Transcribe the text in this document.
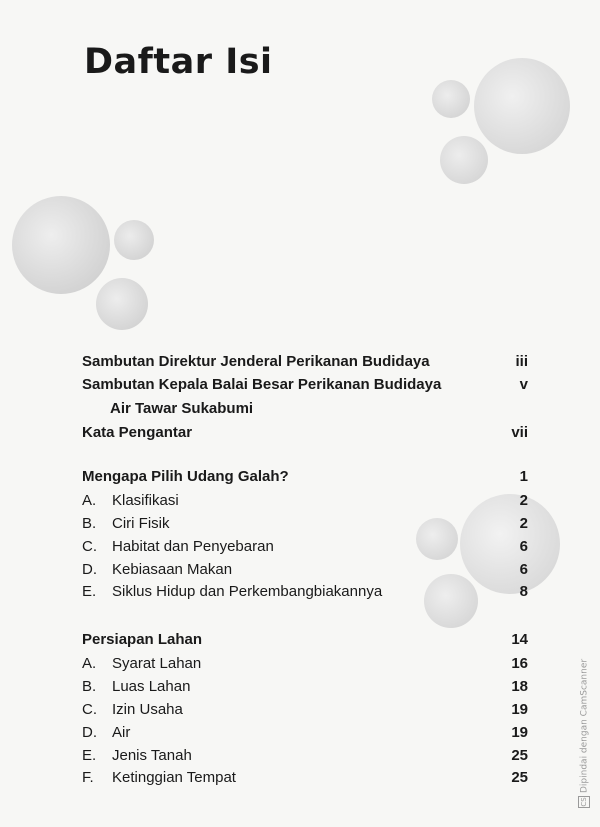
Daftar Isi
Sambutan Direktur Jenderal Perikanan Budidaya	iii
Sambutan Kepala Balai Besar Perikanan Budidaya	v
Air Tawar Sukabumi
Kata Pengantar	vii
Mengapa Pilih Udang Galah?	1
A. Klasifikasi	2
B. Ciri Fisik	2
C. Habitat dan Penyebaran	6
D. Kebiasaan Makan	6
E. Siklus Hidup dan Perkembangbiakannya	8
Persiapan Lahan	14
A. Syarat Lahan	16
B. Luas Lahan	18
C. Izin Usaha	19
D. Air	19
E. Jenis Tanah	25
F. Ketinggian Tempat	25
CSDipindai dengan CamScanner
